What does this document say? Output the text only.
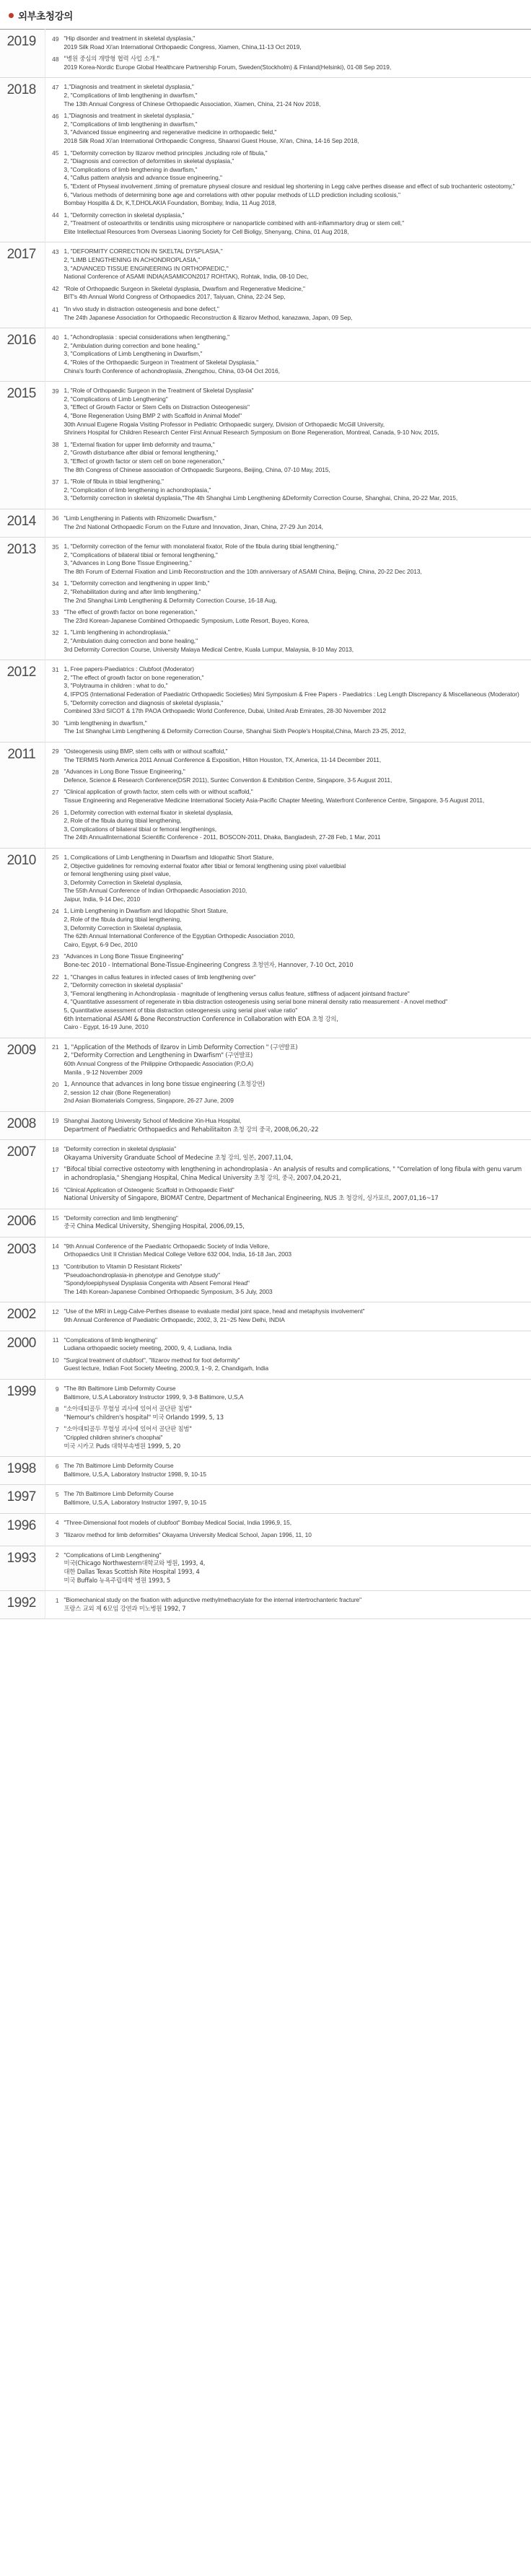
외부초청강의
2019	49 "Hip disorder and treatment in skeletal dysplasia,"
2019 Silk Road Xi'an International Orthopaedic Congress, Xiamen, China,11-13 Oct 2019,
48 "병원 중심의 개방형 협력 사업 소개."
2019 Korea-Nordic Europe Global Healthcare Partnership Forum, Sweden(Stockholm) & Finland(Helsinki), 01-08 Sep 2019,

2018	47 1,"Diagnosis and treatment in skeletal dysplasia,"
2, "Complications of limb lengthening in dwarfism,"
The 13th Annual Congress of Chinese Orthopaedic Association, Xiamen, China, 21-24 Nov 2018,
46 1,"Diagnosis and treatment in skeletal dysplasia,"
2, "Complications of limb lengthening in dwarfism,"
3, "Advanced tissue engineering and regenerative medicine in orthopaedic field,"
2018 Silk Road Xi'an International Orthopaedic Congress, Shaanxi Guest House, Xi'an, China, 14-16 Sep 2018,
45 1, "Deformity correction by Ilizarov method principles ,including role of fibula,"
2, "Diagnosis and correction of deformities in skeletal dysplasia,"
3, "Complications of limb lengthening in dwarfism,"
4, "Callus pattern analysis and advance tissue engineering,"
5, "Extent of Physeal involvement ,timing of premature physeal closure and residual leg shortening in Legg calve perthes disease and effect of sub trochanteric osteotomy,"
6, "Various methods of determining bone age and correlations with other popular methods of LLD prediction including scoliosis,"
Bombay Hospitla & Dr, K,T,DHOLAKIA Foundation, Bombay, India, 11 Aug 2018,
44 1, "Deformity correction in skeletal dysplasia,"
2, "Treatment of osteoarthritis or tendinitis using microsphere or nanoparticle combined with anti-inflammartory drug or stem cell,"
Elite Intellectual Resources from Overseas Liaoning Society for Cell Bioligy, Shenyang, China, 01 Aug 2018,

2017	43 1, "DEFORMITY CORRECTION IN SKELTAL DYSPLASIA,"
2, "LIMB LENGTHENING IN ACHONDROPLASIA,"
3, "ADVANCED TISSUE ENGINEERING IN ORTHOPAEDIC,"
National Conference of ASAMI INDIA(ASAMICON2017 ROHTAK), Rohtak, India, 08-10 Dec,
42 "Role of Orthopaedic Surgeon in Skeletal dysplasia, Dwarfism and Regenerative Medicine,"
BIT's 4th Annual World Congress of Orthopaedics 2017, Taiyuan, China, 22-24 Sep,
41 "In vivo study in distraction osteogenesis and bone defect,"
The 24th Japanese Association for Orthopaedic Reconstruction & Ilizarov Method, kanazawa, Japan, 09 Sep,

2016	40 1, "Achondroplasia : special considerations when lengthening,"
2, "Ambulation during correction and bone healing,"
3, "Complications of Limb Lengthening in Dwarfism,"
4, "Roles of the Orthopaedic Surgeon in Treatment of Skeletal Dysplasia,"
China's fourth Conference of achondroplasia, Zhengzhou, China, 03-04 Oct 2016,

2015	39 1, "Role of Orthopaedic Surgeon in the Treatment of Skeletal Dysplasia"
2, "Complications of Limb Lengthening"
3, "Effect of Growth Factor or Stem Cells on Distraction Osteogenesis"
4, "Bone Regeneration Using BMP 2 with Scaffold in Animal Model"
30th Annual Eugene Rogala Visiting Professor in Pediatric Orthopaedic surgery, Division of Orthopaedic McGill University,
Shriners Hospital for Children Research Center First Annual Research Symposium on Bone Regeneration, Montreal, Canada, 9-10 Nov, 2015,
38 1, "External fixation for upper limb deformity and trauma,"
2, "Growth disturbance after dibial or femoral lengthening,"
3, "Effect of growth factor or stem cell on bone regeneration,"
The 8th Congress of Chinese association of Orthopaedic Surgeons, Beijing, China, 07-10 May, 2015,
37 1, "Role of fibula in tibial lengthening,"
2, "Complication of limb lengthening in achondroplasia,"
3, "Deformity correction in skeletal dysplasia,"The 4th Shanghai Limb Lengthening &Deformity Correction Course, Shanghai, China, 20-22 Mar, 2015,

2014	36 "Limb Lengthening in Patients with Rhizomelic Dwarfism,"
The 2nd National Orthopaedic Forum on the Future and Innovation, Jinan, China, 27-29 Jun 2014,

2013	35 1, "Deformity correction of the femur with monolateral fixator, Role of the fibula during tibial lengthening,"
2, "Complications of bilateral tibial or femoral lengthening,"
3, "Advances in Long Bone Tissue Engineering,"
The 8th Forum of External Fixation and Limb Reconstruction and the 10th anniversary of ASAMI China, Beijing, China, 20-22 Dec 2013,
34 1, "Deformity correction and lengthening in upper limb,"
2, "Rehabilitation during and after limb lengthening,"
The 2nd Shanghai Limb Lengthening & Deformity Correction Course, 16-18 Aug,
33 "The effect of growth factor on bone regeneration,"
The 23rd Korean-Japanese Combined Orthopaedic Symposium, Lotte Resort, Buyeo, Korea,
32 1, "Limb lengthening in achondroplasia,"
2, "Ambulation duing correction and bone healing,"
3rd Deformity Correction Course, University Malaya Medical Centre, Kuala Lumpur, Malaysia, 8-10 May 2013,

2012	31 1, Free papers-Paediatrics : Clubfoot (Moderator)
2, "The effect of growth factor on bone regeneration,"
3, "Polytrauma in children : what to do,"
4, IFPOS (International Federation of Paediatric Orthopaedic Societies) Mini Symposium & Free Papers - Paediatrics : Leg Length Discrepancy & Miscellaneous (Moderator)
5, "Deformity correction and diagnosis of skeletal dysplasia,"
Combined 33rd SICOT & 17th PAOA Orthopaedic World Conference, Dubai, United Arab Emirates, 28-30 November 2012
30 "Limb lengthening in dwarfism,"
The 1st Shanghai Limb Lengthening & Deformity Correction Course, Shanghai Sixth People's Hospital,China, March 23-25, 2012,

2011	29 "Osteogenesis using BMP, stem cells with or without scaffold,"
The TERMIS North America 2011 Annual Conference & Exposition, Hilton Houston, TX, America, 11-14 December 2011,
28 "Advances in Long Bone Tissue Engineering,"
Defence, Science & Research Conference(DSR 2011), Suntec Convention & Exhibition Centre, Singapore, 3-5 August 2011,
27 "Clinical application of growth factor, stem cells with or without scaffold,"
Tissue Engineering and Regenerative Medicine International Society Asia-Pacific Chapter Meeting, Waterfront Conference Centre, Singapore, 3-5 August 2011,
26 1, Deformity correction with external fixator in skeletal dysplasia,
2, Role of the fibula during tibial lengthening,
3, Complications of bilateral tibial or femoral lengthenings,
The 24th AnnualInternational Scientific Conference - 2011, BOSCON-2011, Dhaka, Bangladesh, 27-28 Feb, 1 Mar, 2011

2010	25 1, Complications of Limb Lengthening in Dwarfism and Idiopathic Short Stature,
2, Objective guidelines for removing external fixator after tibial or femoral lengthening using pixel valuetibial
or femoral lengthening using pixel value,
3, Deformity Correction in Skeletal dysplasia,
The 55th Annual Conference of Indian Orthopaedic Association 2010,
Jaipur, India, 9-14 Dec, 2010
24 1, Limb Lengthening in Dwarfism and Idiopathic Short Stature,
2, Role of the fibula during tibial lengthening,
3, Deformity Correction in Skeletal dysplasia,
The 62th Annual International Conference of the Egyptian Orthopedic Association 2010,
Cairo, Egypt, 6-9 Dec, 2010
23 "Advances in Long Bone Tissue Engineering"
Bone-tec 2010 - International Bone-Tissue-Engineering Congress 초청연자, Hannover, 7-10 Oct, 2010
22 1, "Changes in callus features in infected cases of limb lengthening over"
2, "Deformity correction in skeletal dysplasia"
3, "Femoral lengthening in Achondroplasia - magnitude of lengthening versus callus feature, stiffness of adjacent jointsand fracture"
4, "Quantitative assessment of regenerate in tibia distraction osteogenesis using serial bone mineral density ratio measurement - A novel method"
5, Quantitative assessment of tibia distraction osteogenesis using serial pixel value ratio"
6th International ASAMI & Bone Reconstruction Conference in Collaboration with EOA 초청 강의,
Cairo - Egypt, 16-19 June, 2010

2009	21 1, "Application of the Methods of Ilzarov in Limb Deformity Correction " (구연발표)
2, "Deformity Correction and Lengthening in Dwarfism" (구연발표)
60th Annual Congress of the Philippine Orthopaedic Association (P,O,A)
Manila , 9-12 November 2009
20 1, Announce that advances in long bone tissue engineering (초청강연)
2, session 12 chair (Bone Regeneration)
2nd Asian Biomaterials Comgress, Singapore, 26-27 June, 2009

2008	19 Shanghai Jiaotong University School of Medicine Xin-Hua Hospital,
Department of Paediatric Orthopaedics and Rehabilitaiton 초청 강의 중국, 2008,06,20,-22

2007	18 "Deformity correction in skeletal dysplasia"
Okayama University Granduate School of Medecine 초청 강의, 일본, 2007,11,04,
17 "Bifocal tibial corrective osteotomy with lengthening in achondroplasia - An analysis of results and complications, " "Correlation of long fibula with genu varum in achondroplasia," Shengjang Hospital, China Medical University 초청 강의, 중국, 2007,04,20-21,
16 "Clinical Application of Osteogenic Scaffold in Orthopaedic Field"
National University of Singapore, BIOMAT Centre, Department of Mechanical Engineering, NUS 초 청강의, 싱가포르, 2007,01,16~17

2006	15 "Deformity correction and limb lengthening"
중국 China Medical University, Shengjing Hospital, 2006,09,15,

2003	14 "9th Annual Conference of the Paediatric Orthopaedic Society of India Vellore,
Orthopaedics Unit II Christian Medical College Vellore 632 004, India, 16-18 Jan, 2003
13 "Contribution to Vitamin D Resistant Rickets"
"Pseudoachondroplasia-in phenotype and Genotype study"
"Spondyloepiphyseal Dysplasia Congenita with Absent Femoral Head"
The 14th Korean-Japanese Combined Orthopaedic Symposium, 3-5 July, 2003

2002	12 "Use of the MRI in Legg-Calve-Perthes disease to evaluate medial joint space, head and metaphysis involvement"
9th Annual Conference of Paediatric Orthopaedic, 2002, 3, 21~25 New Delhi, INDIA

2000	11 "Complications of limb lengthening"
Ludiana orthopaedic society meeting, 2000, 9, 4, Ludiana, India
10 "Surgical treatment of clubfoot", "Ilizarov method for foot deformity"
Guest lecture, Indian Foot Society Meeting, 2000,9, 1~9, 2, Chandigarh, India

1999	9 "The 8th Baltimore Limb Deformity Course
Baltimore, U.S,A Laboratory Instructor 1999, 9, 3-8 Baltimore, U,S,A
8 "소아대퇴골두 무혈성 괴사에 있어서 골단판 침범"
"Nemour's children's hospital" 미국 Orlando 1999, 5, 13
7 "소아대퇴골두 무혈성 괴사에 있어서 골단판 침범"
"Crippled children shriner's choophai"
미국 시카고 Puds 대학부속병원 1999, 5, 20

1998	6 The 7th Baltimore Limb Deformity Course
Baltimore, U,S,A, Laboratory Instructor 1998, 9, 10-15

1997	5 The 7th Baltimore Limb Deformity Course
Baltimore, U,S,A, Laboratory Instructor 1997, 9, 10-15

1996	4 "Three-Dimensional foot models of clubfoot" Bombay Medical Social, India 1996,9, 15,
3 "Ilizarov method for limb deformities" Okayama University Medical School, Japan 1996, 11, 10

1993	2 "Complications of Limb Lengthening"
미국(Chicago Northwestern대학교와 병원, 1993, 4,
대한 Dallas Texas Scottish Rite Hospital 1993, 4
미국 Buffalo 뉴욕주립대학 병원 1993, 5

1992	1 "Biomechanical study on the fixation with adjunctive methylmethacrylate for the internal intertrochanteric fracture"
프랑스 교외 제 6모임 강연과 미노병원 1992, 7
